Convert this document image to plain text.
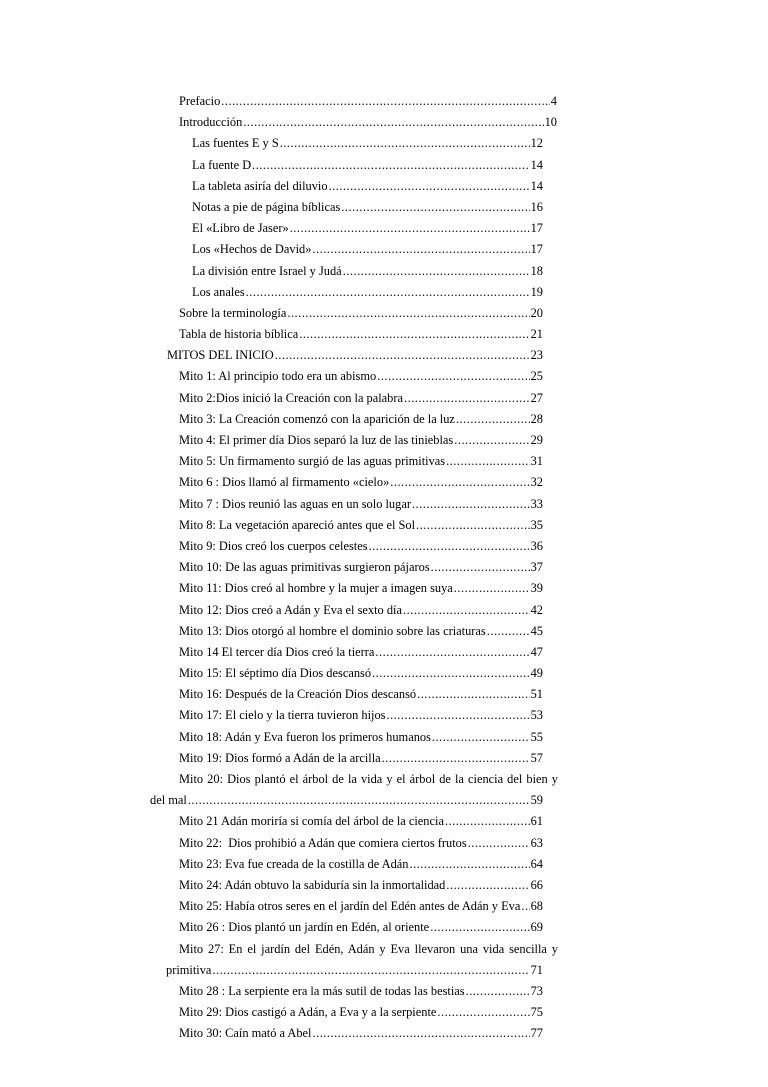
Prefacio .....	4
Introducción .....	10
Las fuentes E y S .....	12
La fuente D .....	14
La tableta asiría del diluvio .....	14
Notas a pie de página bíblicas .....	16
El «Libro de Jaser» .....	17
Los «Hechos de David» .....	17
La división entre Israel y Judá .....	18
Los anales .....	19
Sobre la terminología .....	20
Tabla de historia bíblica .....	21
MITOS DEL INICIO .....	23
Mito 1: Al principio todo era un abismo .....	25
Mito 2:Dios inició la Creación con la palabra .....	27
Mito 3: La Creación comenzó con la aparición de la luz .....	28
Mito 4: El primer día Dios separó la luz de las tinieblas .....	29
Mito 5: Un firmamento surgió de las aguas primitivas .....	31
Mito 6 : Dios llamó al firmamento «cielo» .....	32
Mito 7 : Dios reunió las aguas en un solo lugar .....	33
Mito 8: La vegetación apareció antes que el Sol .....	35
Mito 9: Dios creó los cuerpos celestes .....	36
Mito 10: De las aguas primitivas surgieron pájaros .....	37
Mito 11: Dios creó al hombre y la mujer a imagen suya .....	39
Mito 12: Dios creó a Adán y Eva el sexto día .....	42
Mito 13: Dios otorgó al hombre el dominio sobre las criaturas .....	45
Mito 14 El tercer día Dios creó la tierra .....	47
Mito 15: El séptimo día Dios descansó .....	49
Mito 16: Después de la Creación Dios descansó .....	51
Mito 17: El cielo y la tierra tuvieron hijos .....	53
Mito 18: Adán y Eva fueron los primeros humanos .....	55
Mito 19: Dios formó a Adán de la arcilla .....	57
Mito 20: Dios plantó el árbol de la vida y el árbol de la ciencia del bien y
del mal .....	59
Mito 21 Adán moriría si comía del árbol de la ciencia .....	61
Mito 22:  Dios prohibió a Adán que comiera ciertos frutos .....	63
Mito 23: Eva fue creada de la costilla de Adán .....	64
Mito 24: Adán obtuvo la sabiduría sin la inmortalidad .....	66
Mito 25: Había otros seres en el jardín del Edén antes de Adán y Eva ..... 68
Mito 26 : Dios plantó un jardín en Edén, al oriente .....	69
Mito 27: En el jardín del Edén, Adán y Eva llevaron una vida sencilla y
primitiva .....	71
Mito 28 : La serpiente era la más sutil de todas las bestias .....	73
Mito 29: Dios castigó a Adán, a Eva y a la serpiente .....	75
Mito 30: Caín mató a Abel .....	77
